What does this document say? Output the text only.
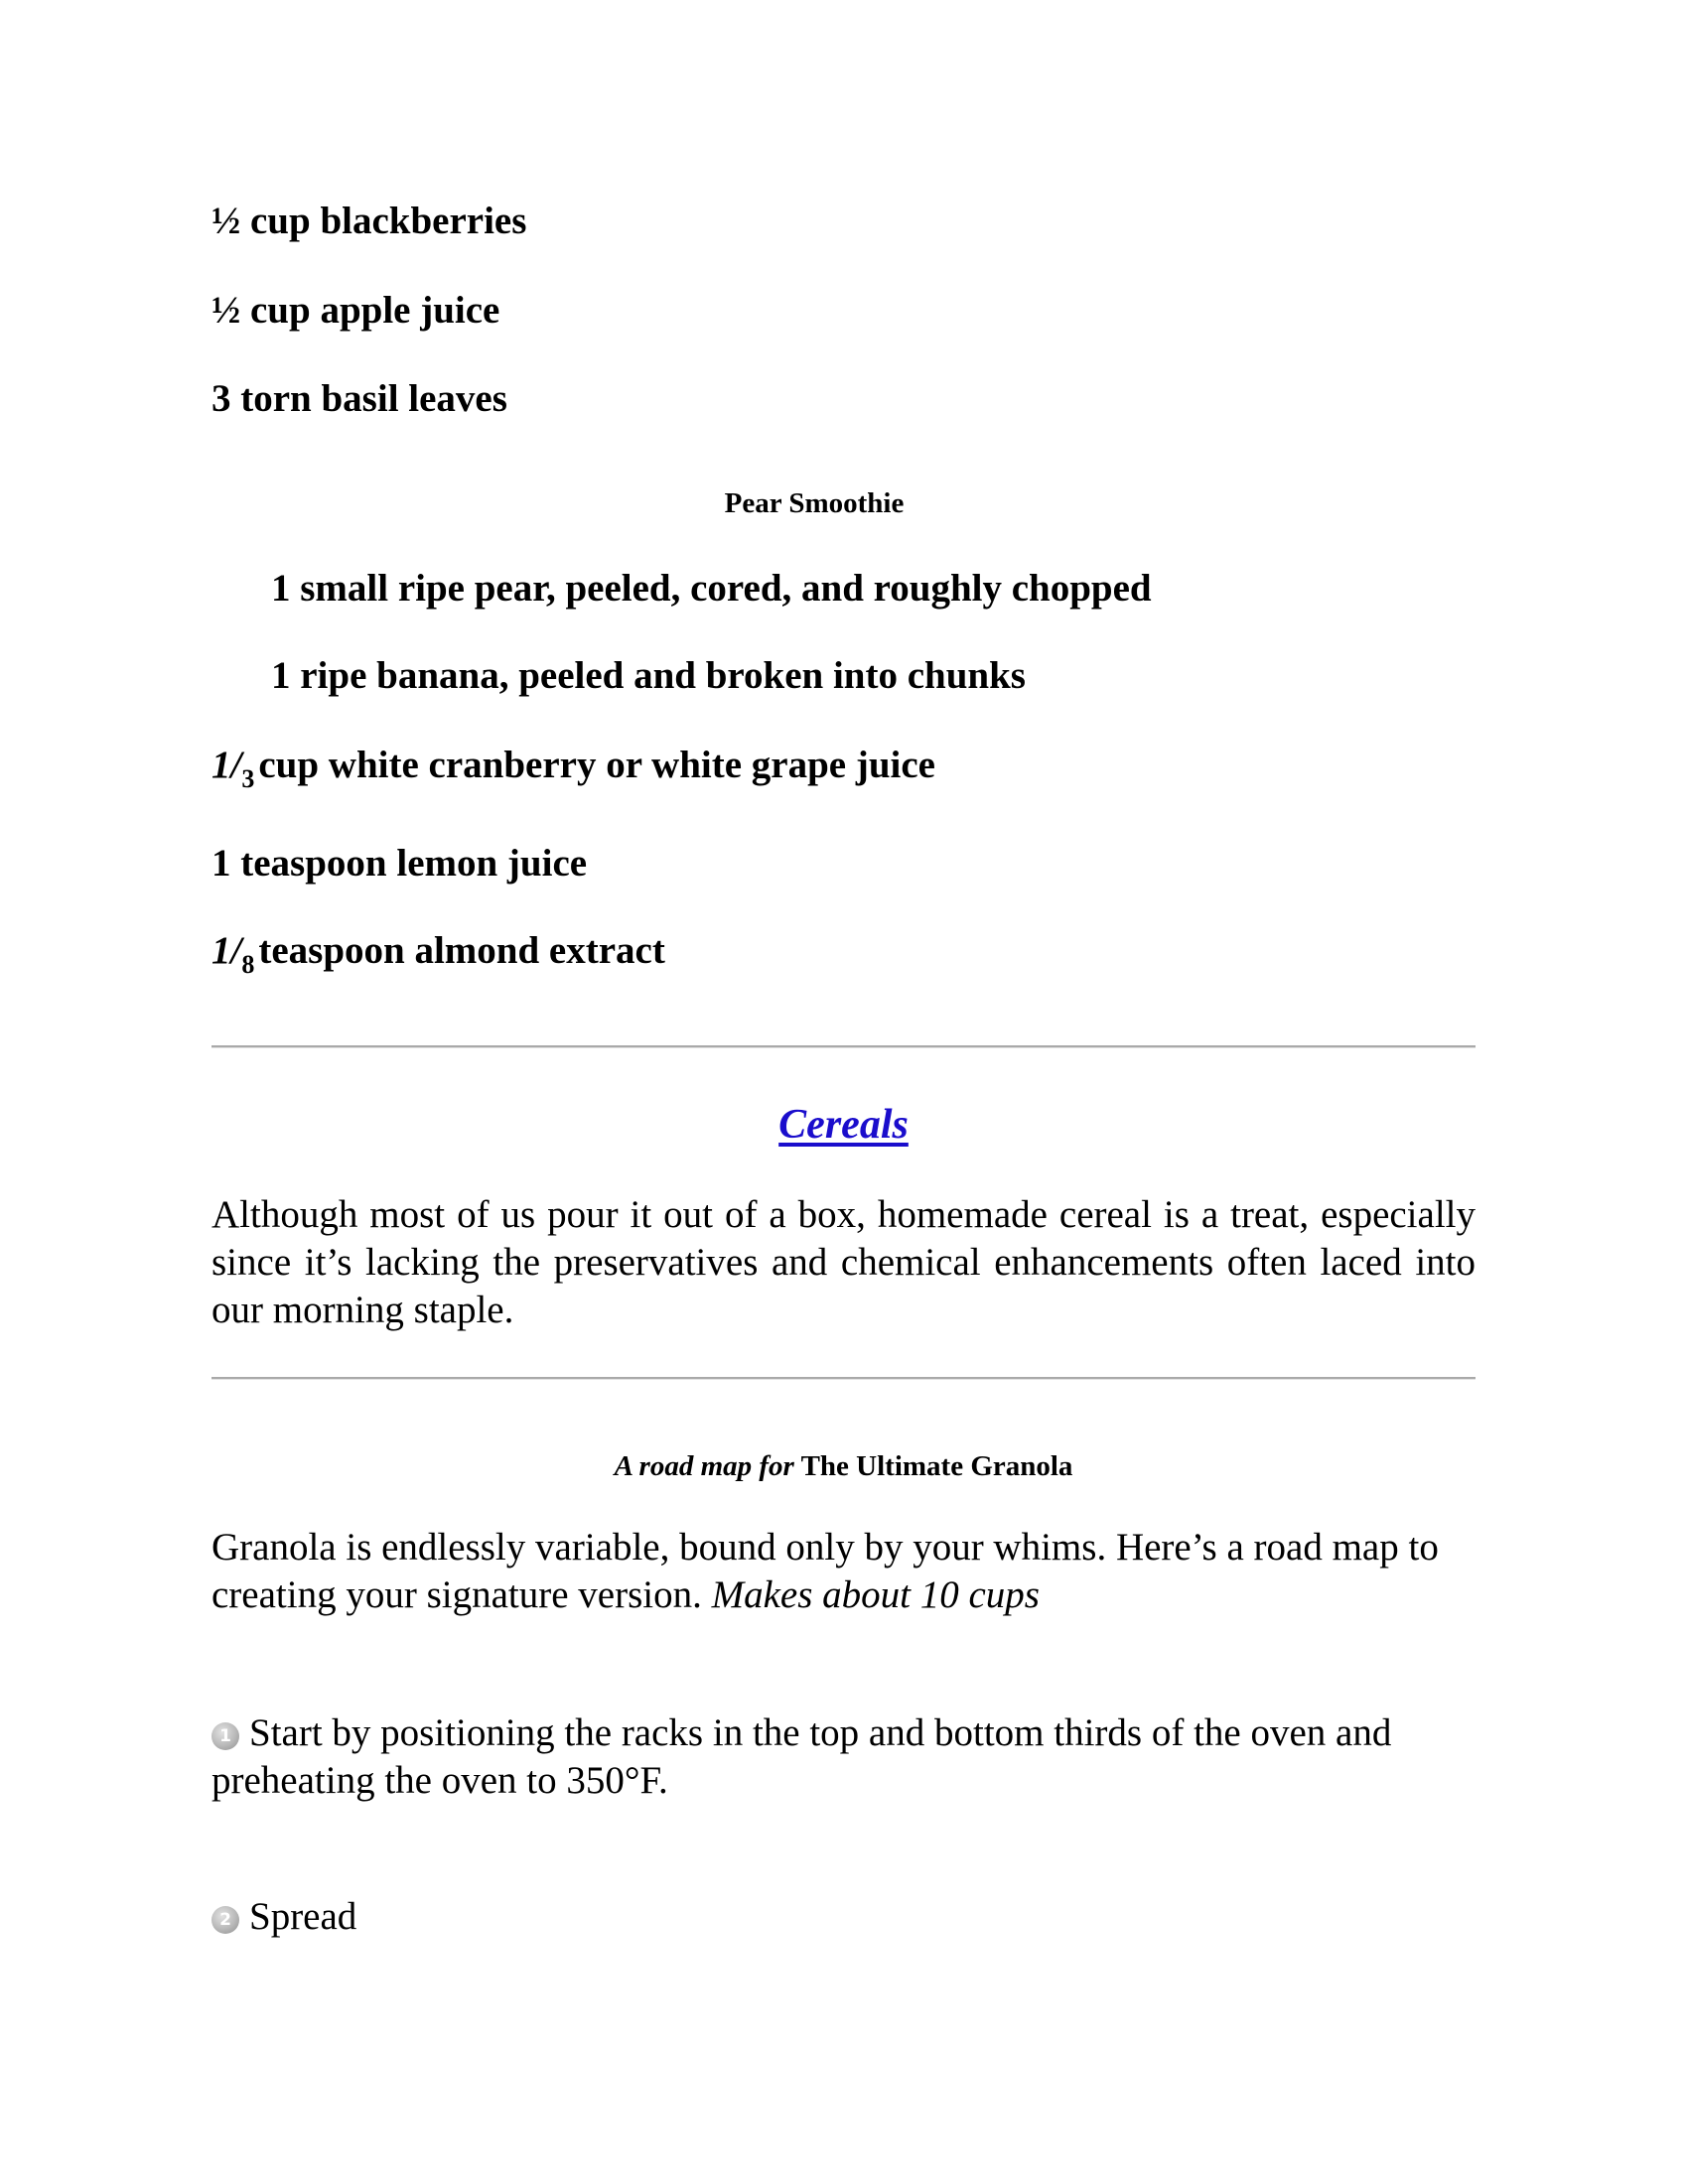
½ cup blackberries
½ cup apple juice
3 torn basil leaves
Pear Smoothie
1 small ripe pear, peeled, cored, and roughly chopped
1 ripe banana, peeled and broken into chunks
$1/_3$ cup white cranberry or white grape juice
1 teaspoon lemon juice
$1/_8$ teaspoon almond extract
Cereals
Although most of us pour it out of a box, homemade cereal is a treat, especially since it’s lacking the preservatives and chemical enhancements often laced into our morning staple.
A road map for The Ultimate Granola
Granola is endlessly variable, bound only by your whims. Here’s a road map to creating your signature version. Makes about 10 cups
1 Start by positioning the racks in the top and bottom thirds of the oven and preheating the oven to 350°F.
2 Spread
